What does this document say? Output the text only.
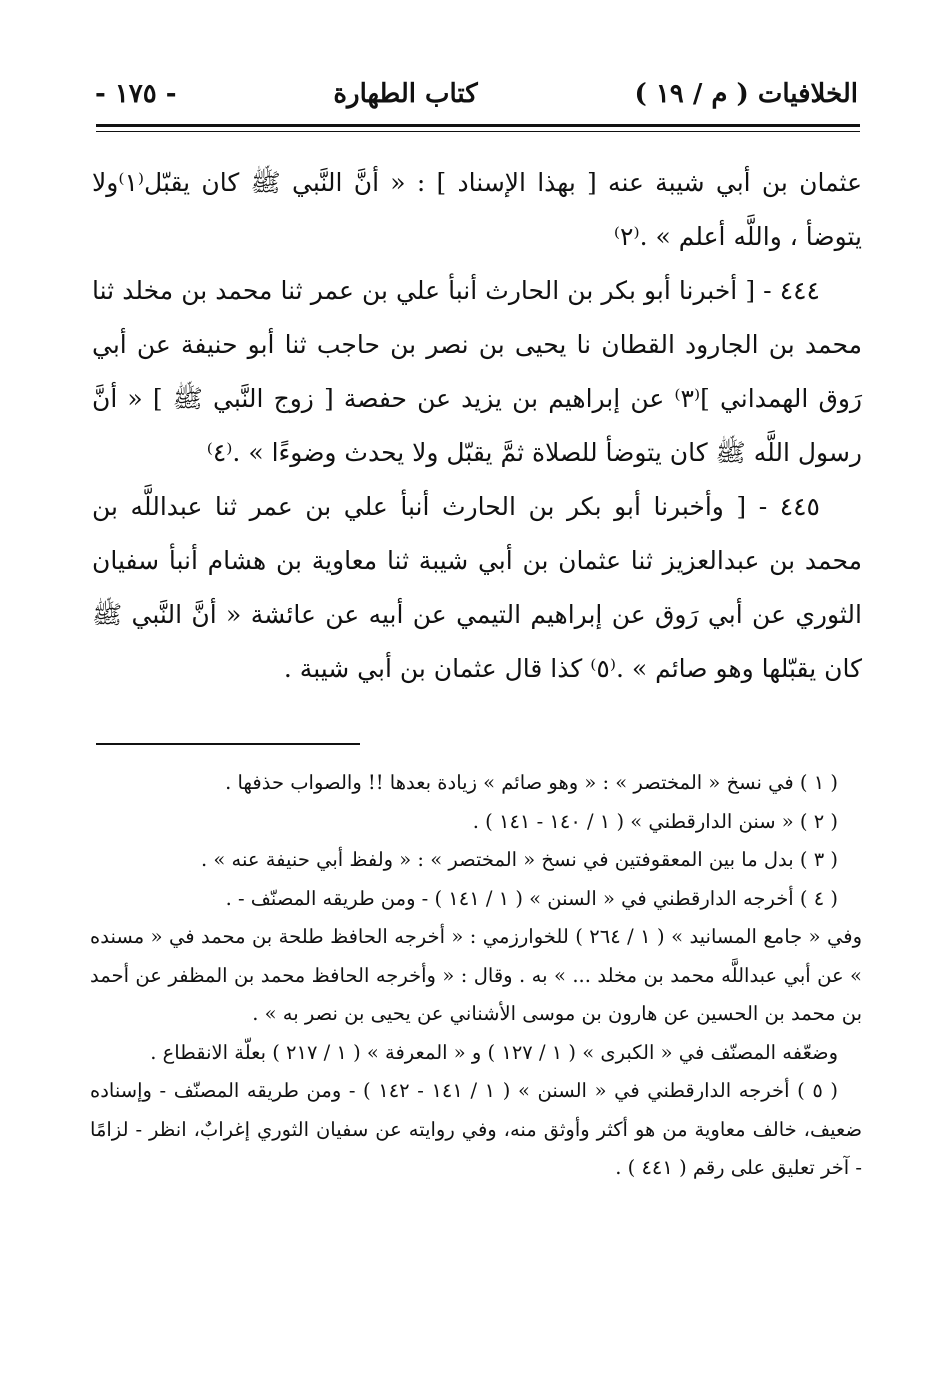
الخلافيات ( م / ١٩ )
كتاب الطهارة
- ١٧٥ -

عثمان بن أبي شيبة عنه [ بهذا الإسناد ] : « أنَّ النَّبي ﷺ كان يقبّل⁽١⁾ولا يتوضأ ، واللَّه أعلم » .⁽٢⁾

٤٤٤ - [ أخبرنا أبو بكر بن الحارث أنبأ علي بن عمر ثنا محمد بن مخلد ثنا محمد بن الجارود القطان نا يحيى بن نصر بن حاجب ثنا أبو حنيفة عن أبي رَوق الهمداني ]⁽٣⁾ عن إبراهيم بن يزيد عن حفصة [ زوج النَّبي ﷺ ] « أنَّ رسول اللَّه ﷺ كان يتوضأ للصلاة ثمَّ يقبّل ولا يحدث وضوءًا » .⁽٤⁾

٤٤٥ - [ وأخبرنا أبو بكر بن الحارث أنبأ علي بن عمر ثنا عبداللَّه بن محمد بن عبدالعزيز ثنا عثمان بن أبي شيبة ثنا معاوية بن هشام أنبأ سفيان الثوري عن أبي رَوق عن إبراهيم التيمي عن أبيه عن عائشة « أنَّ النَّبي ﷺ كان يقبّلها وهو صائم » .⁽٥⁾ كذا قال عثمان بن أبي شيبة .

( ١ ) في نسخ « المختصر » : « وهو صائم » زيادة بعدها !! والصواب حذفها .

( ٢ ) « سنن الدارقطني » ( ١ / ١٤٠ - ١٤١ ) .

( ٣ ) بدل ما بين المعقوفتين في نسخ « المختصر » : « ولفظ أبي حنيفة عنه » .

( ٤ ) أخرجه الدارقطني في « السنن » ( ١ / ١٤١ ) - ومن طريقه المصنّف - .

وفي « جامع المسانيد » ( ١ / ٢٦٤ ) للخوارزمي : « أخرجه الحافظ طلحة بن محمد في « مسنده » عن أبي عبداللَّه محمد بن مخلد ... » به . وقال : « وأخرجه الحافظ محمد بن المظفر عن أحمد بن محمد بن الحسين عن هارون بن موسى الأشناني عن يحيى بن نصر به » .

وضعّفه المصنّف في « الكبرى » ( ١ / ١٢٧ ) و « المعرفة » ( ١ / ٢١٧ ) بعلّة الانقطاع .

( ٥ ) أخرجه الدارقطني في « السنن » ( ١ / ١٤١ - ١٤٢ ) - ومن طريقه المصنّف - وإسناده ضعيف، خالف معاوية من هو أكثر وأوثق منه، وفي روايته عن سفيان الثوري إغرابٌ، انظر - لزامًا - آخر تعليق على رقم ( ٤٤١ ) .
